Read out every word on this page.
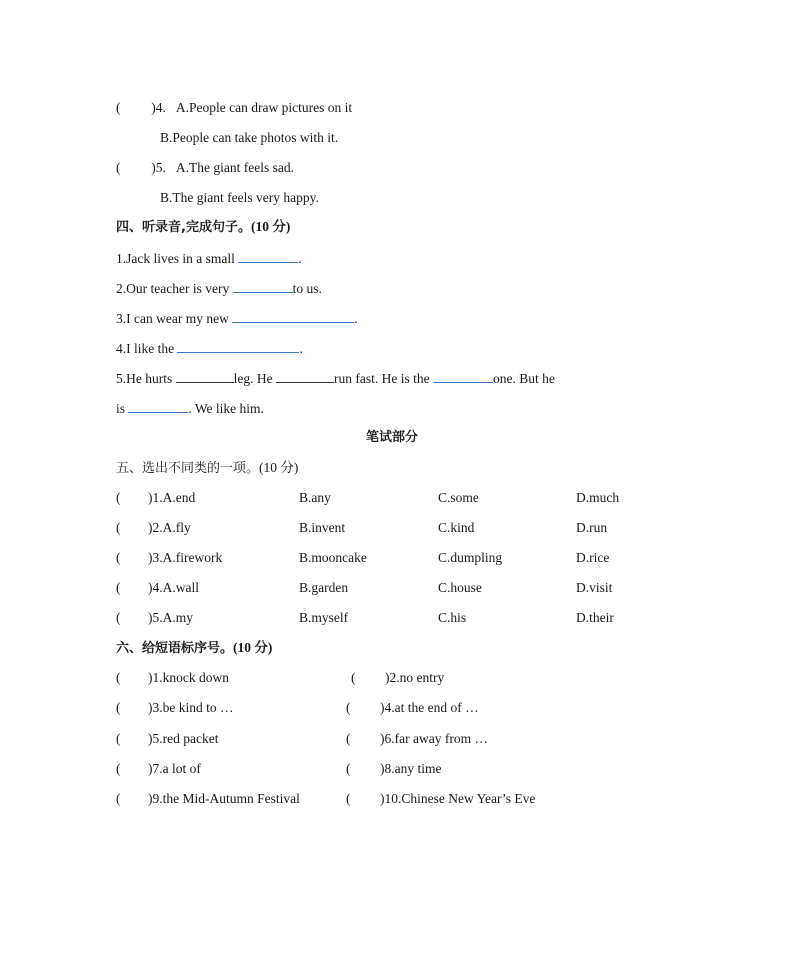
( )4. A.People can draw pictures on it
B.People can take photos with it.
( )5. A.The giant feels sad.
B.The giant feels very happy.
四、听录音,完成句子。(10 分)
1.Jack lives in a small	.
2.Our teacher is very	to us.
3.I can wear my new	.
4.I like the	.
5.He hurts	leg. He	run fast. He is the	one. But he
is	. We like him.
笔试部分
五、选出不同类的一项。(10 分)
( )1.A.end	B.any	C.some	D.much
( )2.A.fly	B.invent	C.kind	D.run
( )3.A.firework	B.mooncake	C.dumpling	D.rice
( )4.A.wall	B.garden	C.house	D.visit
( )5.A.my	B.myself	C.his	D.their
六、给短语标序号。(10 分)
( )1.knock down	( )2.no entry
( )3.be kind to …	( )4.at the end of …
( )5.red packet	( )6.far away from …
( )7.a lot of	( )8.any time
( )9.the Mid-Autumn Festival	( )10.Chinese New Year’s Eve
